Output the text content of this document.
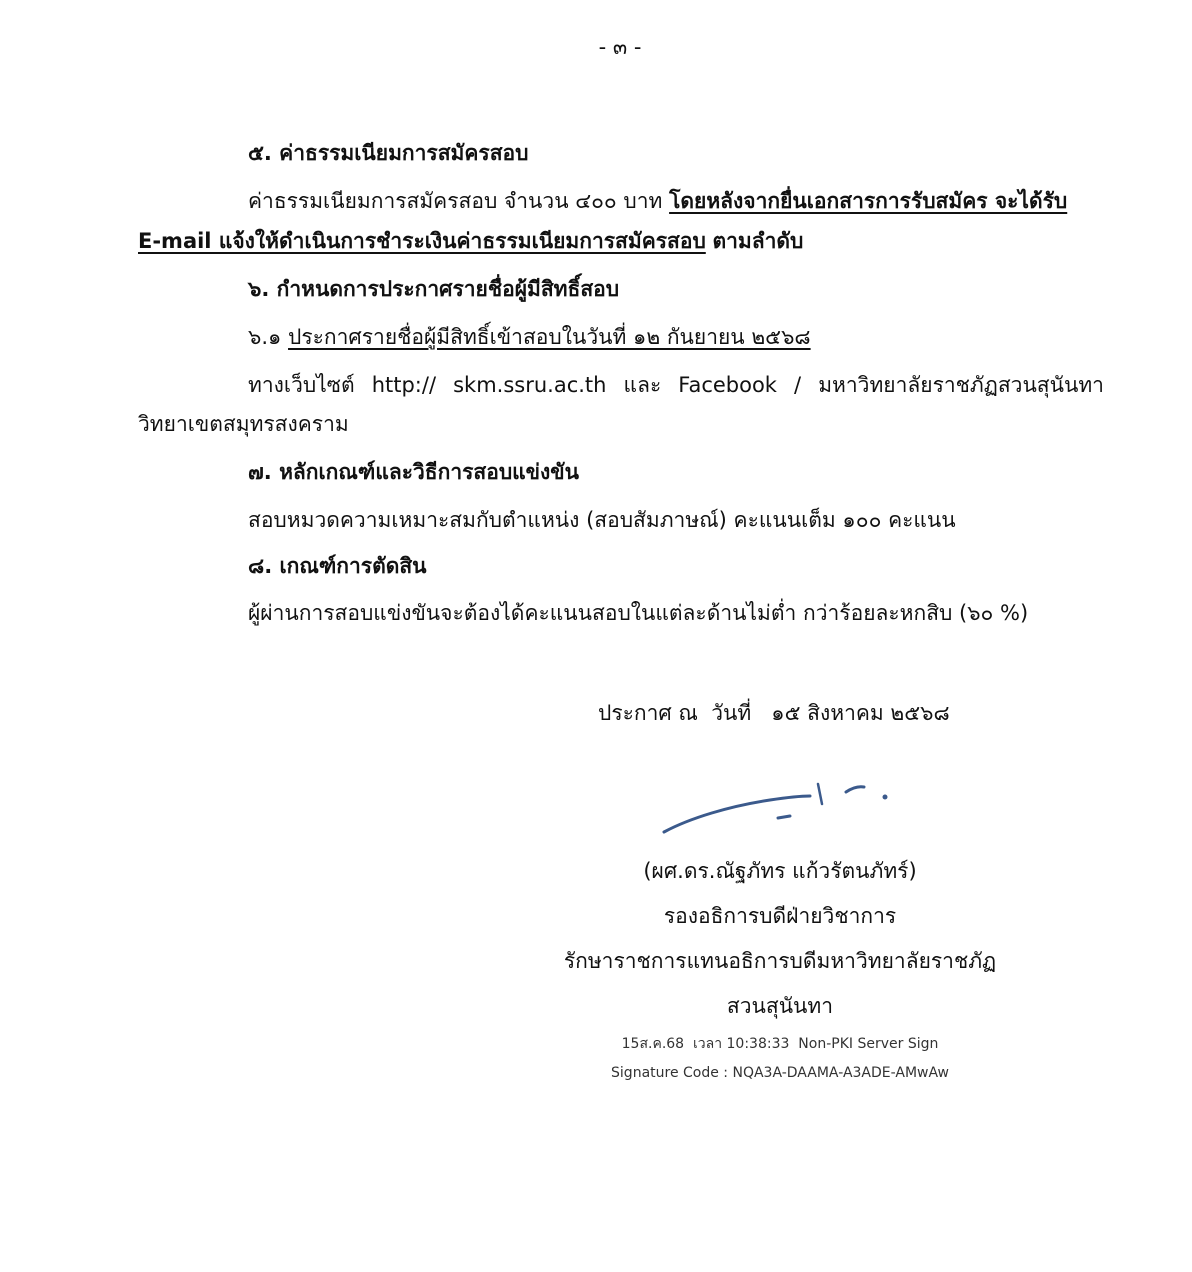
- ๓ -
๕. ค่าธรรมเนียมการสมัครสอบ
ค่าธรรมเนียมการสมัครสอบ จำนวน ๔๐๐ บาท โดยหลังจากยื่นเอกสารการรับสมัคร จะได้รับ
E-mail แจ้งให้ดำเนินการชำระเงินค่าธรรมเนียมการสมัครสอบ ตามลำดับ
๖. กำหนดการประกาศรายชื่อผู้มีสิทธิ์สอบ
๖.๑ ประกาศรายชื่อผู้มีสิทธิ์เข้าสอบในวันที่ ๑๒ กันยายน ๒๕๖๘
ทางเว็บไซต์ http:// skm.ssru.ac.th และ Facebook / มหาวิทยาลัยราชภัฏสวนสุนันทา
วิทยาเขตสมุทรสงคราม
๗. หลักเกณฑ์และวิธีการสอบแข่งขัน
สอบหมวดความเหมาะสมกับตำแหน่ง (สอบสัมภาษณ์) คะแนนเต็ม ๑๐๐ คะแนน
๘. เกณฑ์การตัดสิน
ผู้ผ่านการสอบแข่งขันจะต้องได้คะแนนสอบในแต่ละด้านไม่ต่ำ กว่าร้อยละหกสิบ (๖๐ %)
ประกาศ ณ  วันที่   ๑๕ สิงหาคม ๒๕๖๘
(ผศ.ดร.ณัฐภัทร แก้วรัตนภัทร์)
รองอธิการบดีฝ่ายวิชาการ
รักษาราชการแทนอธิการบดีมหาวิทยาลัยราชภัฏ
สวนสุนันทา
15ส.ค.68  เวลา 10:38:33  Non-PKI Server Sign
Signature Code : NQA3A-DAAMA-A3ADE-AMwAw
